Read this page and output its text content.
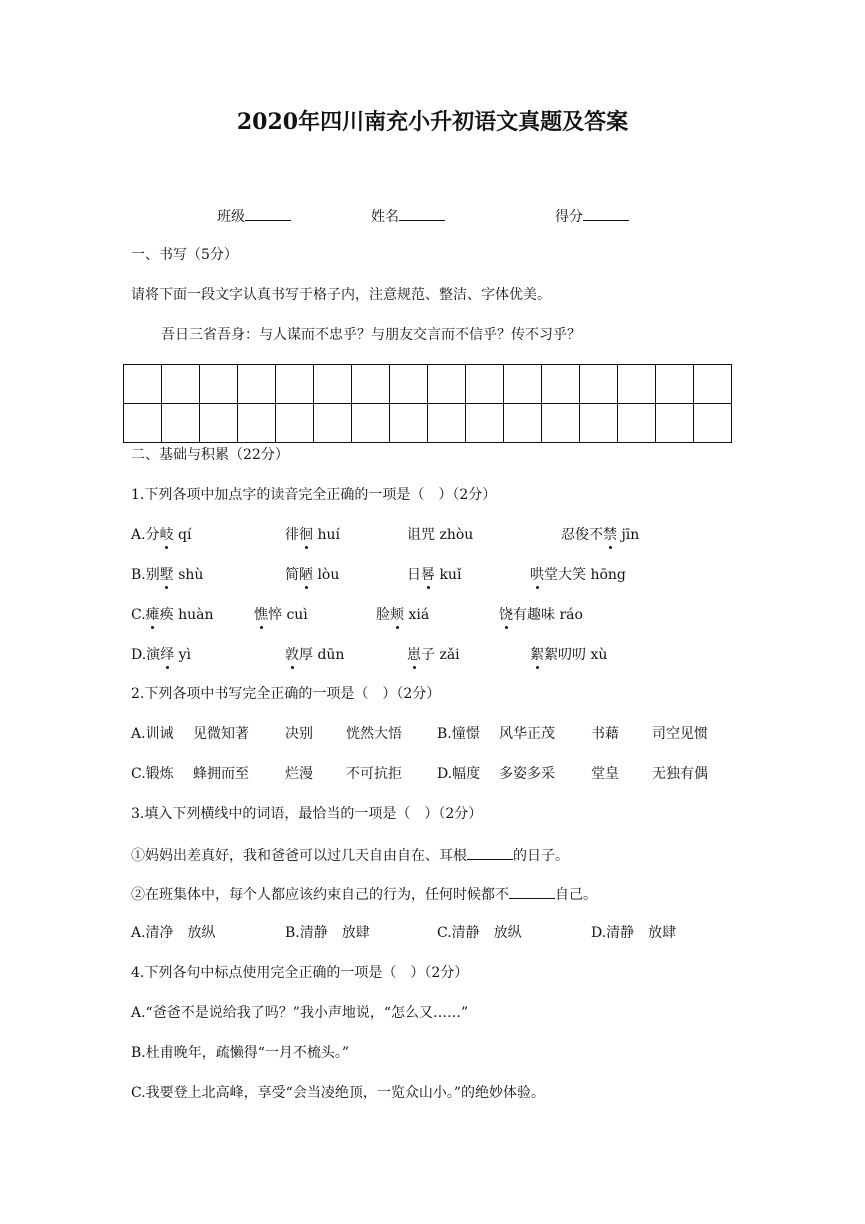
2020年四川南充小升初语文真题及答案
班级	姓名	得分
一、书写（5分）
请将下面一段文字认真书写于格子内，注意规范、整洁、字体优美。
吾日三省吾身：与人谋而不忠乎？与朋友交言而不信乎？传不习乎？

二、基础与积累（22分）
1.下列各项中加点字的读音完全正确的一项是（　）（2分）
A.分岐 qí	徘徊 huí	诅咒 zhòu	忍俊不禁 jīn
B.别墅 shù	简陋 lòu	日晷 kuǐ	哄堂大笑 hōng
C.瘫痪 huàn	憔悴 cuì	脸颊 xiá	饶有趣味 ráo
D.演绎 yì	敦厚 dūn	崽子 zǎi	絮絮叨叨 xù
2.下列各项中书写完全正确的一项是（　）（2分）
A.训诫 见微知著	决别 恍然大悟	B.憧憬 风华正茂	书藉 司空见惯
C.锻炼 蜂拥而至	烂漫 不可抗拒	D.幅度 多姿多采	堂皇 无独有偶
3.填入下列横线中的词语，最恰当的一项是（　）（2分）
①妈妈出差真好，我和爸爸可以过几天自由自在、耳根	的日子。
②在班集体中，每个人都应该约束自己的行为，任何时候都不	自己。
A.清净　放纵	B.清静　放肆	C.清静　放纵	D.清静　放肆
4.下列各句中标点使用完全正确的一项是（　）（2分）
A.“爸爸不是说给我了吗？”我小声地说，“怎么又……”
B.杜甫晚年，疏懒得“一月不梳头。”
C.我要登上北高峰，享受“会当凌绝顶，一览众山小。”的绝妙体验。
